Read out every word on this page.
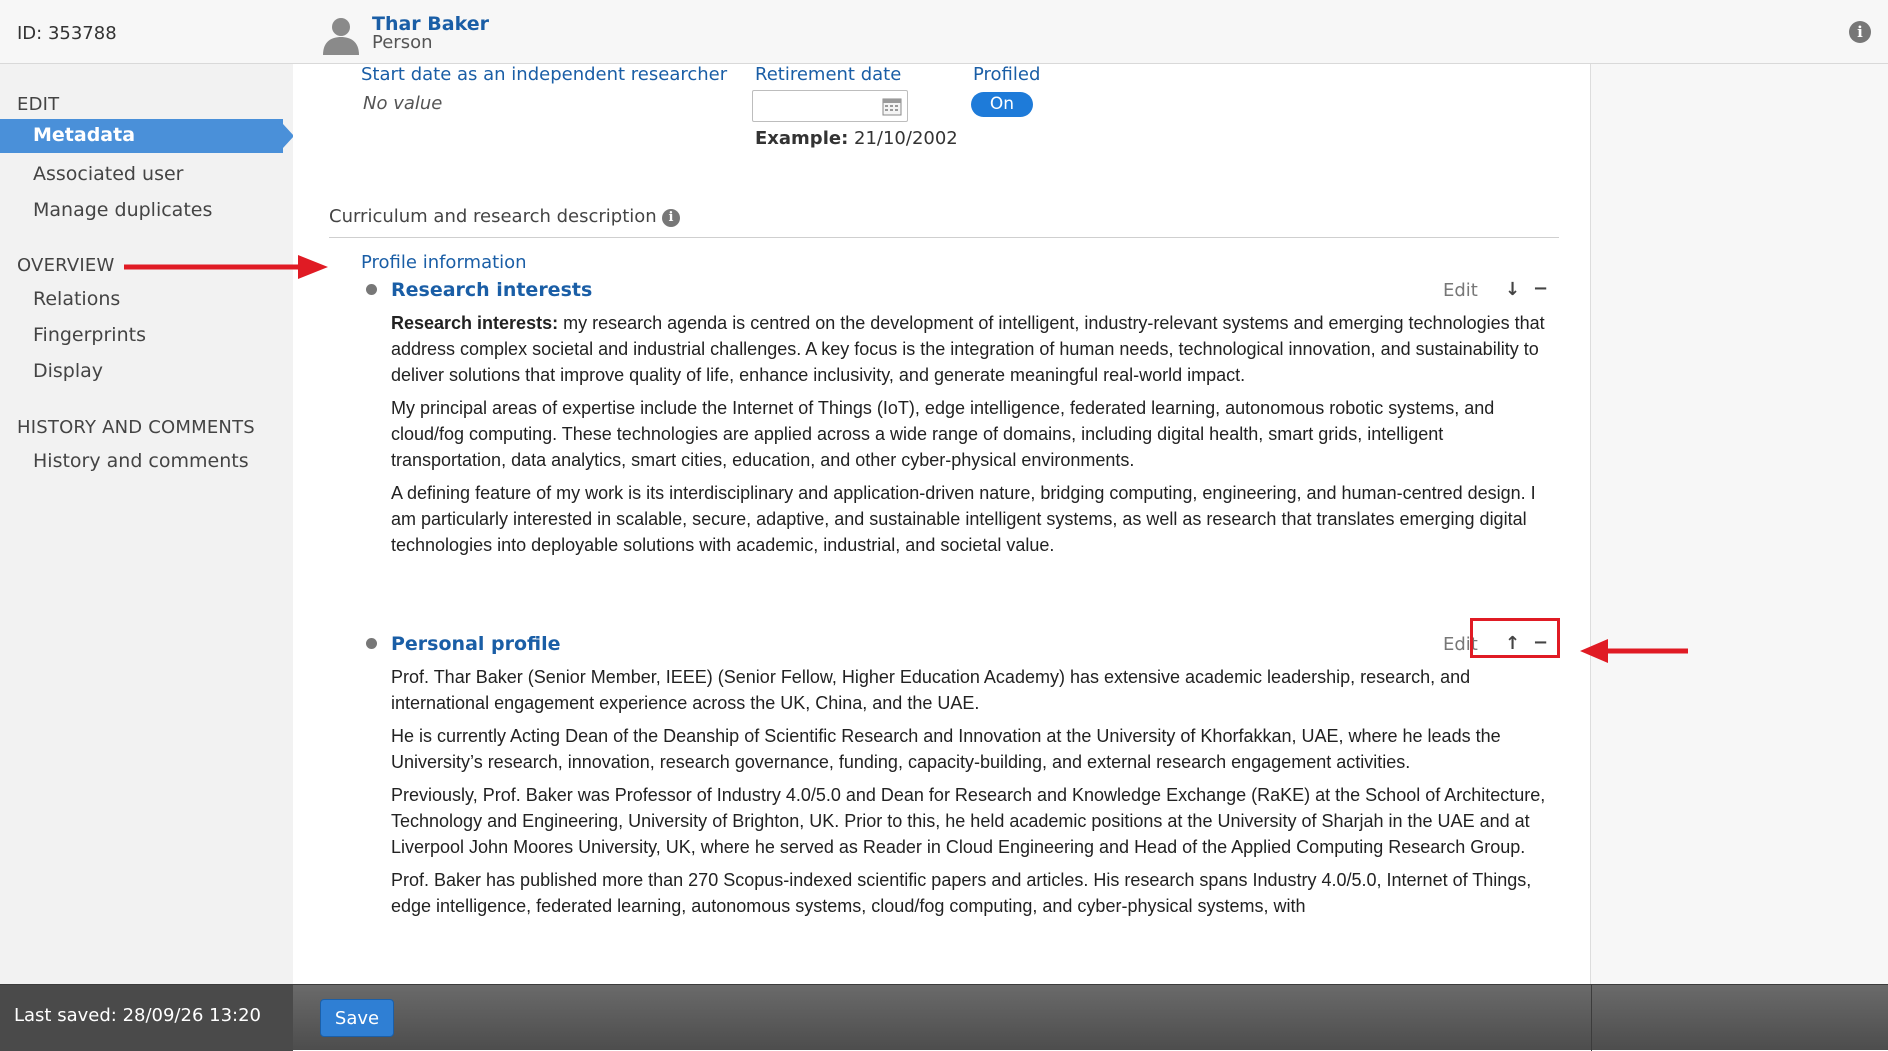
ID: 353788	Thar Baker
Person	i
EDIT
Metadata
Associated user
Manage duplicates
OVERVIEW
Relations
Fingerprints
Display
HISTORY AND COMMENTS
History and comments
Start date as an independent researcher
No value
Retirement date
Example: 21/10/2002
Profiled
On
Curriculum and research description i
Profile information
Research interests	Edit ↓ −

Research interests: my research agenda is centred on the development of intelligent, industry-relevant systems and emerging technologies that address complex societal and industrial challenges. A key focus is the integration of human needs, technological innovation, and sustainability to deliver solutions that improve quality of life, enhance inclusivity, and generate meaningful real-world impact.

My principal areas of expertise include the Internet of Things (IoT), edge intelligence, federated learning, autonomous robotic systems, and cloud/fog computing. These technologies are applied across a wide range of domains, including digital health, smart grids, intelligent transportation, data analytics, smart cities, education, and other cyber-physical environments.

A defining feature of my work is its interdisciplinary and application-driven nature, bridging computing, engineering, and human-centred design. I am particularly interested in scalable, secure, adaptive, and sustainable intelligent systems, as well as research that translates emerging digital technologies into deployable solutions with academic, industrial, and societal value.

Personal profile	Edit ↑ −

Prof. Thar Baker (Senior Member, IEEE) (Senior Fellow, Higher Education Academy) has extensive academic leadership, research, and international engagement experience across the UK, China, and the UAE.

He is currently Acting Dean of the Deanship of Scientific Research and Innovation at the University of Khorfakkan, UAE, where he leads the University’s research, innovation, research governance, funding, capacity-building, and external research engagement activities.

Previously, Prof. Baker was Professor of Industry 4.0/5.0 and Dean for Research and Knowledge Exchange (RaKE) at the School of Architecture, Technology and Engineering, University of Brighton, UK. Prior to this, he held academic positions at the University of Sharjah in the UAE and at Liverpool John Moores University, UK, where he served as Reader in Cloud Engineering and Head of the Applied Computing Research Group.

Prof. Baker has published more than 270 Scopus-indexed scientific papers and articles. His research spans Industry 4.0/5.0, Internet of Things, edge intelligence, federated learning, autonomous systems, cloud/fog computing, and cyber-physical systems, with

Last saved: 28/09/26 13:20	Save
